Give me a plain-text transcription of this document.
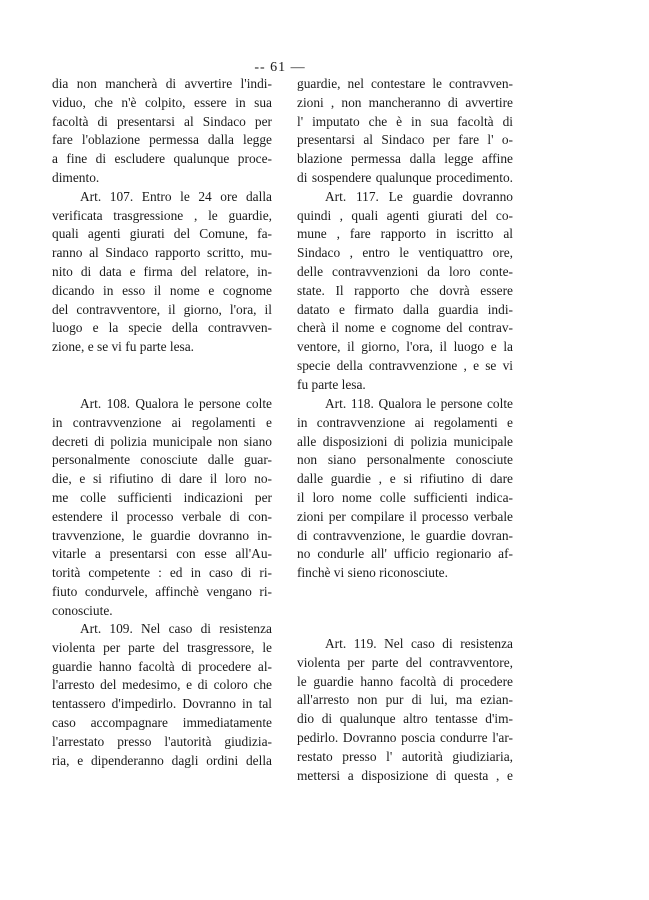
-- 61 —
dia non mancherà di avvertire l'indi-
viduo, che n'è colpito, essere in sua
facoltà di presentarsi al Sindaco per
fare l'oblazione permessa dalla legge
a fine di escludere qualunque proce-
dimento.
Art. 107. Entro le 24 ore dalla
verificata trasgressione , le guardie,
quali agenti giurati del Comune, fa-
ranno al Sindaco rapporto scritto, mu-
nito di data e firma del relatore, in-
dicando in esso il nome e cognome
del contravventore, il giorno, l'ora, il
luogo e la specie della contravven-
zione, e se vi fu parte lesa.
Art. 108. Qualora le persone colte
in contravvenzione ai regolamenti e
decreti di polizia municipale non siano
personalmente conosciute dalle guar-
die, e si rifiutino di dare il loro no-
me colle sufficienti indicazioni per
estendere il processo verbale di con-
travvenzione, le guardie dovranno in-
vitarle a presentarsi con esse all'Au-
torità competente : ed in caso di ri-
fiuto condurvele, affinchè vengano ri-
conosciute.
Art. 109. Nel caso di resistenza
violenta per parte del trasgressore, le
guardie hanno facoltà di procedere al-
l'arresto del medesimo, e di coloro che
tentassero d'impedirlo. Dovranno in tal
caso accompagnare immediatamente
l'arrestato presso l'autorità giudizia-
ria, e dipenderanno dagli ordini della
guardie, nel contestare le contravven-
zioni , non mancheranno di avvertire
l' imputato che è in sua facoltà di
presentarsi al Sindaco per fare l' o-
blazione permessa dalla legge affine
di sospendere qualunque procedimento.
Art. 117. Le guardie dovranno
quindi , quali agenti giurati del co-
mune , fare rapporto in iscritto al
Sindaco , entro le ventiquattro ore,
delle contravvenzioni da loro conte-
state. Il rapporto che dovrà essere
datato e firmato dalla guardia indi-
cherà il nome e cognome del contrav-
ventore, il giorno, l'ora, il luogo e la
specie della contravvenzione , e se vi
fu parte lesa.
Art. 118. Qualora le persone colte
in contravvenzione ai regolamenti e
alle disposizioni di polizia municipale
non siano personalmente conosciute
dalle guardie , e si rifiutino di dare
il loro nome colle sufficienti indica-
zioni per compilare il processo verbale
di contravvenzione, le guardie dovran-
no condurle all' ufficio regionario af-
finchè vi sieno riconosciute.
Art. 119. Nel caso di resistenza
violenta per parte del contravventore,
le guardie hanno facoltà di procedere
all'arresto non pur di lui, ma ezian-
dio di qualunque altro tentasse d'im-
pedirlo. Dovranno poscia condurre l'ar-
restato presso l' autorità giudiziaria,
mettersi a disposizione di questa , e
